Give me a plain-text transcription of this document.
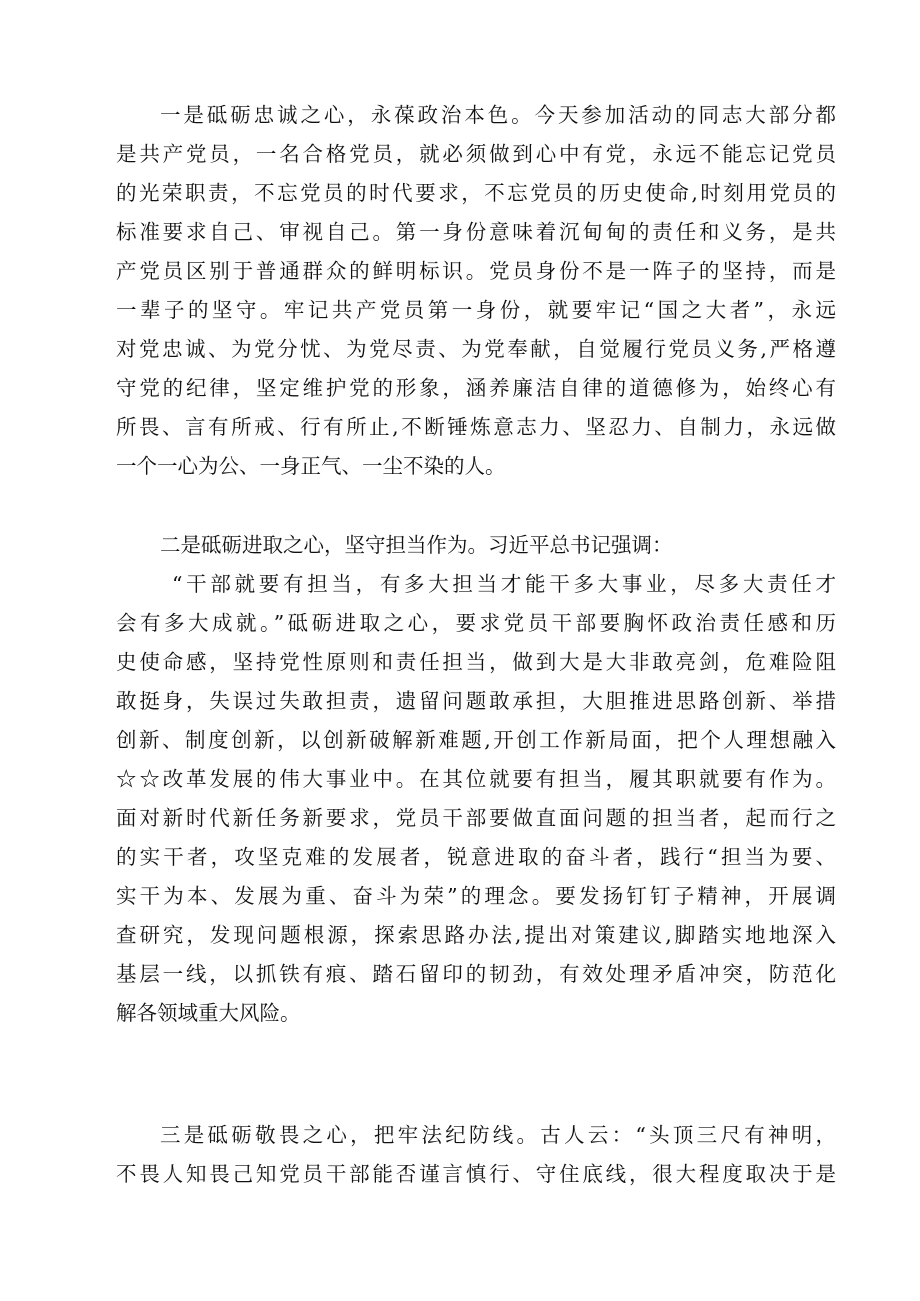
一是砥砺忠诚之心，永葆政治本色。今天参加活动的同志大部分都
是共产党员，一名合格党员，就必须做到心中有党，永远不能忘记党员
的光荣职责，不忘党员的时代要求，不忘党员的历史使命,时刻用党员的
标准要求自己、审视自己。第一身份意味着沉甸甸的责任和义务，是共
产党员区别于普通群众的鲜明标识。党员身份不是一阵子的坚持，而是
一辈子的坚守。牢记共产党员第一身份，就要牢记“国之大者”，永远
对党忠诚、为党分忧、为党尽责、为党奉献，自觉履行党员义务,严格遵
守党的纪律，坚定维护党的形象，涵养廉洁自律的道德修为，始终心有
所畏、言有所戒、行有所止,不断锤炼意志力、坚忍力、自制力，永远做
一个一心为公、一身正气、一尘不染的人。
二是砥砺进取之心，坚守担当作为。习近平总书记强调：
“干部就要有担当，有多大担当才能干多大事业，尽多大责任才
会有多大成就。”砥砺进取之心，要求党员干部要胸怀政治责任感和历
史使命感，坚持党性原则和责任担当，做到大是大非敢亮剑，危难险阻
敢挺身，失误过失敢担责，遗留问题敢承担，大胆推进思路创新、举措
创新、制度创新，以创新破解新难题,开创工作新局面，把个人理想融入
☆☆改革发展的伟大事业中。在其位就要有担当，履其职就要有作为。
面对新时代新任务新要求，党员干部要做直面问题的担当者，起而行之
的实干者，攻坚克难的发展者，锐意进取的奋斗者，践行“担当为要、
实干为本、发展为重、奋斗为荣”的理念。要发扬钉钉子精神，开展调
查研究，发现问题根源，探索思路办法,提出对策建议,脚踏实地地深入
基层一线，以抓铁有痕、踏石留印的韧劲，有效处理矛盾冲突，防范化
解各领域重大风险。
三是砥砺敬畏之心，把牢法纪防线。古人云：“头顶三尺有神明，
不畏人知畏己知党员干部能否谨言慎行、守住底线，很大程度取决于是
